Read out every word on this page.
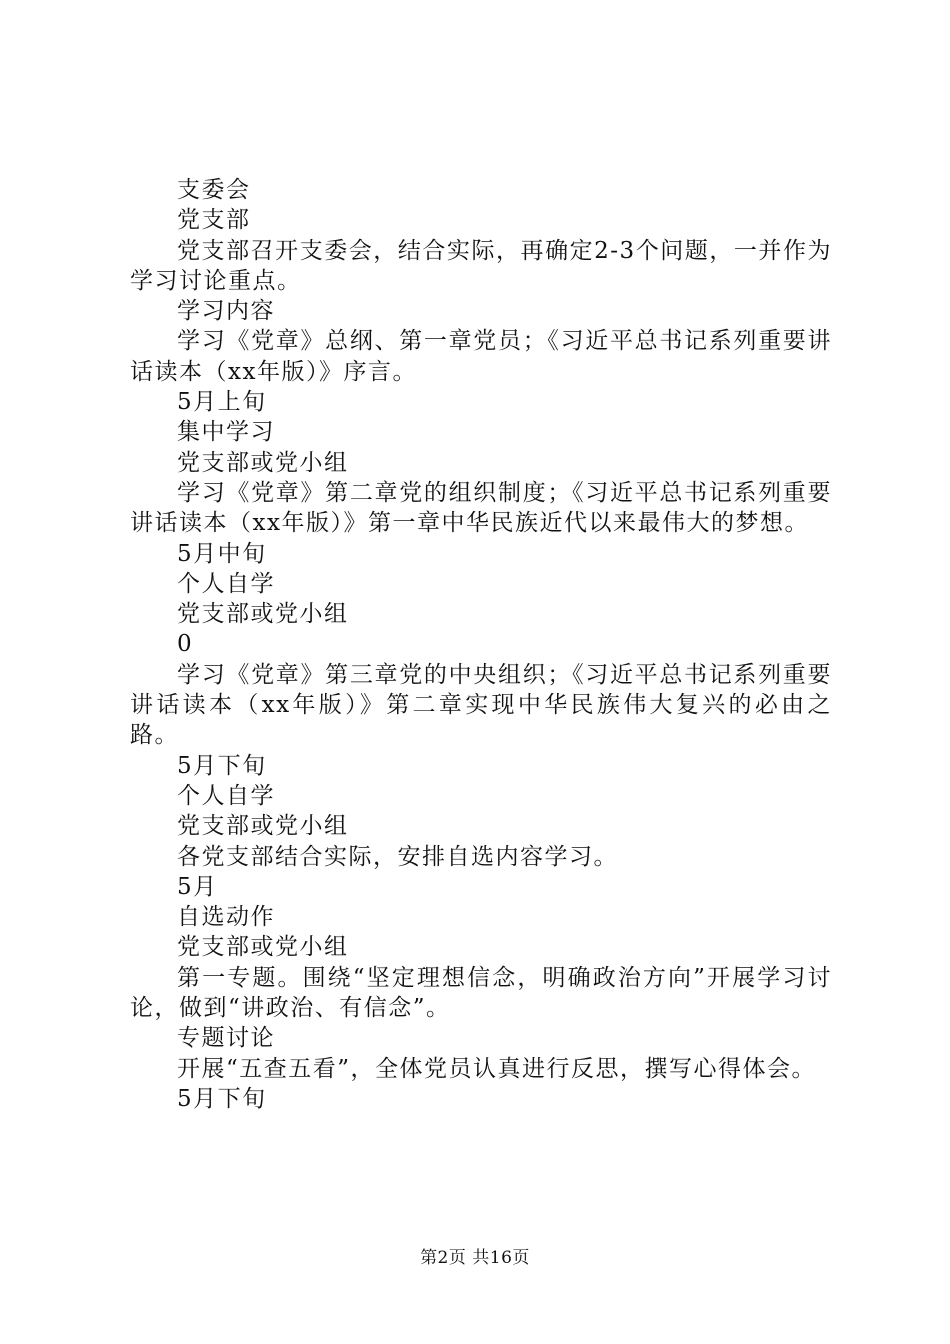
支委会

党支部

党支部召开支委会，结合实际，再确定2-3个问题，一并作为学习讨论重点。

学习内容

学习《党章》总纲、第一章党员；《习近平总书记系列重要讲话读本（xx年版）》序言。

5月上旬

集中学习

党支部或党小组

学习《党章》第二章党的组织制度；《习近平总书记系列重要讲话读本（xx年版）》第一章中华民族近代以来最伟大的梦想。

5月中旬

个人自学

党支部或党小组

0

学习《党章》第三章党的中央组织；《习近平总书记系列重要讲话读本（xx年版）》第二章实现中华民族伟大复兴的必由之路。

5月下旬

个人自学

党支部或党小组

各党支部结合实际，安排自选内容学习。

5月

自选动作

党支部或党小组

第一专题。围绕“坚定理想信念，明确政治方向”开展学习讨论，做到“讲政治、有信念”。

专题讨论

开展“五查五看”，全体党员认真进行反思，撰写心得体会。

5月下旬

第2页 共16页
